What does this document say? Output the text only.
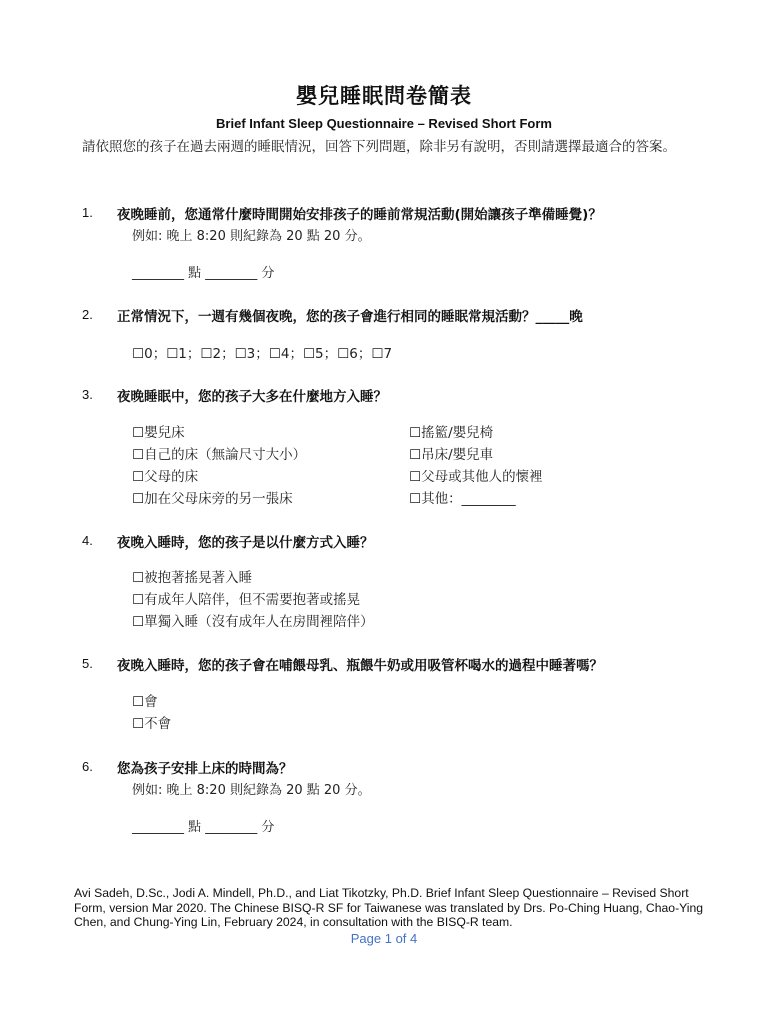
嬰兒睡眠問卷簡表
Brief Infant Sleep Questionnaire – Revised Short Form
請依照您的孩子在過去兩週的睡眠情況，回答下列問題，除非另有說明，否則請選擇最適合的答案。
1. 夜晚睡前，您通常什麼時間開始安排孩子的睡前常規活動(開始讓孩子準備睡覺)？
例如: 晚上 8:20 則紀錄為 20 點 20 分。
________ 點 ________ 分
2. 正常情況下，一週有幾個夜晚，您的孩子會進行相同的睡眠常規活動？_____晚
☐0；☐1；☐2；☐3；☐4；☐5；☐6；☐7
3. 夜晚睡眠中，您的孩子大多在什麼地方入睡？
☐嬰兒床
☐自己的床（無論尺寸大小）
☐父母的床
☐加在父母床旁的另一張床
☐搖籃/嬰兒椅
☐吊床/嬰兒車
☐父母或其他人的懷裡
☐其他：________
4. 夜晚入睡時，您的孩子是以什麼方式入睡？
☐被抱著搖晃著入睡
☐有成年人陪伴，但不需要抱著或搖晃
☐單獨入睡（沒有成年人在房間裡陪伴）
5. 夜晚入睡時，您的孩子會在哺餵母乳、瓶餵牛奶或用吸管杯喝水的過程中睡著嗎？
☐會
☐不會
6. 您為孩子安排上床的時間為？
例如: 晚上 8:20 則紀錄為 20 點 20 分。
________ 點 ________ 分
Avi Sadeh, D.Sc., Jodi A. Mindell, Ph.D., and Liat Tikotzky, Ph.D. Brief Infant Sleep Questionnaire – Revised Short Form, version Mar 2020. The Chinese BISQ-R SF for Taiwanese was translated by Drs. Po-Ching Huang, Chao-Ying Chen, and Chung-Ying Lin, February 2024, in consultation with the BISQ-R team.
Page 1 of 4
